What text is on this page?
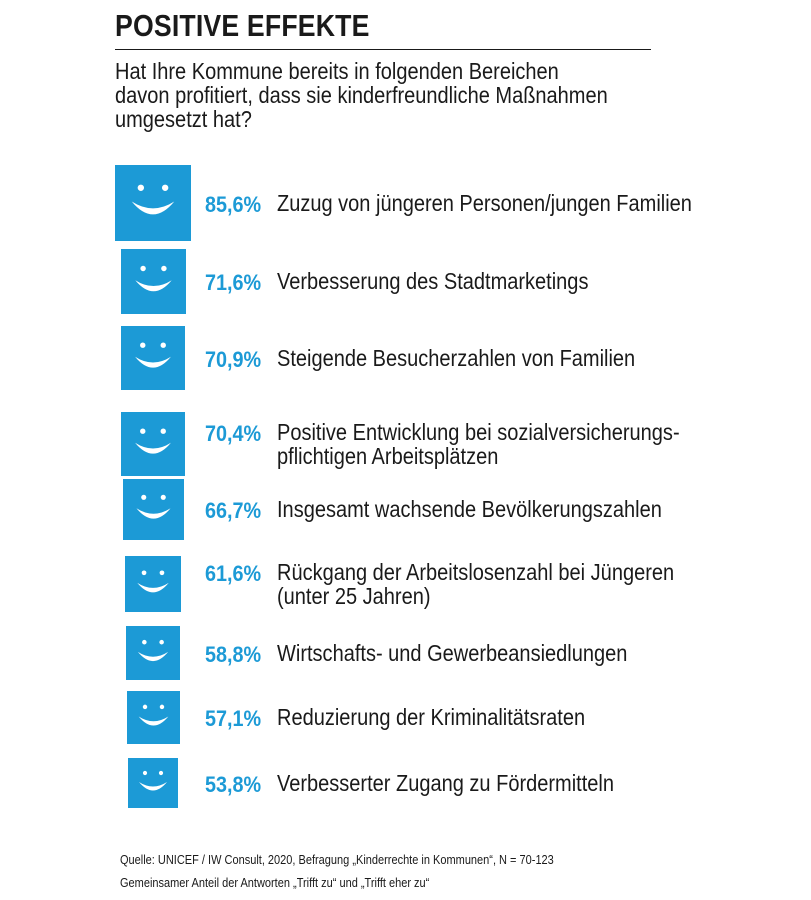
POSITIVE EFFEKTE

Hat Ihre Kommune bereits in folgenden Bereichen
davon profitiert, dass sie kinderfreundliche Maßnahmen
umgesetzt hat?

85,6% Zuzug von jüngeren Personen/jungen Familien
71,6% Verbesserung des Stadtmarketings
70,9% Steigende Besucherzahlen von Familien
70,4% Positive Entwicklung bei sozialversicherungs-
pflichtigen Arbeitsplätzen
66,7% Insgesamt wachsende Bevölkerungszahlen
61,6% Rückgang der Arbeitslosenzahl bei Jüngeren
(unter 25 Jahren)
58,8% Wirtschafts- und Gewerbeansiedlungen
57,1% Reduzierung der Kriminalitätsraten
53,8% Verbesserter Zugang zu Fördermitteln
Quelle: UNICEF / IW Consult, 2020, Befragung „Kinderrechte in Kommunen“, N = 70-123
Gemeinsamer Anteil der Antworten „Trifft zu“ und „Trifft eher zu“
